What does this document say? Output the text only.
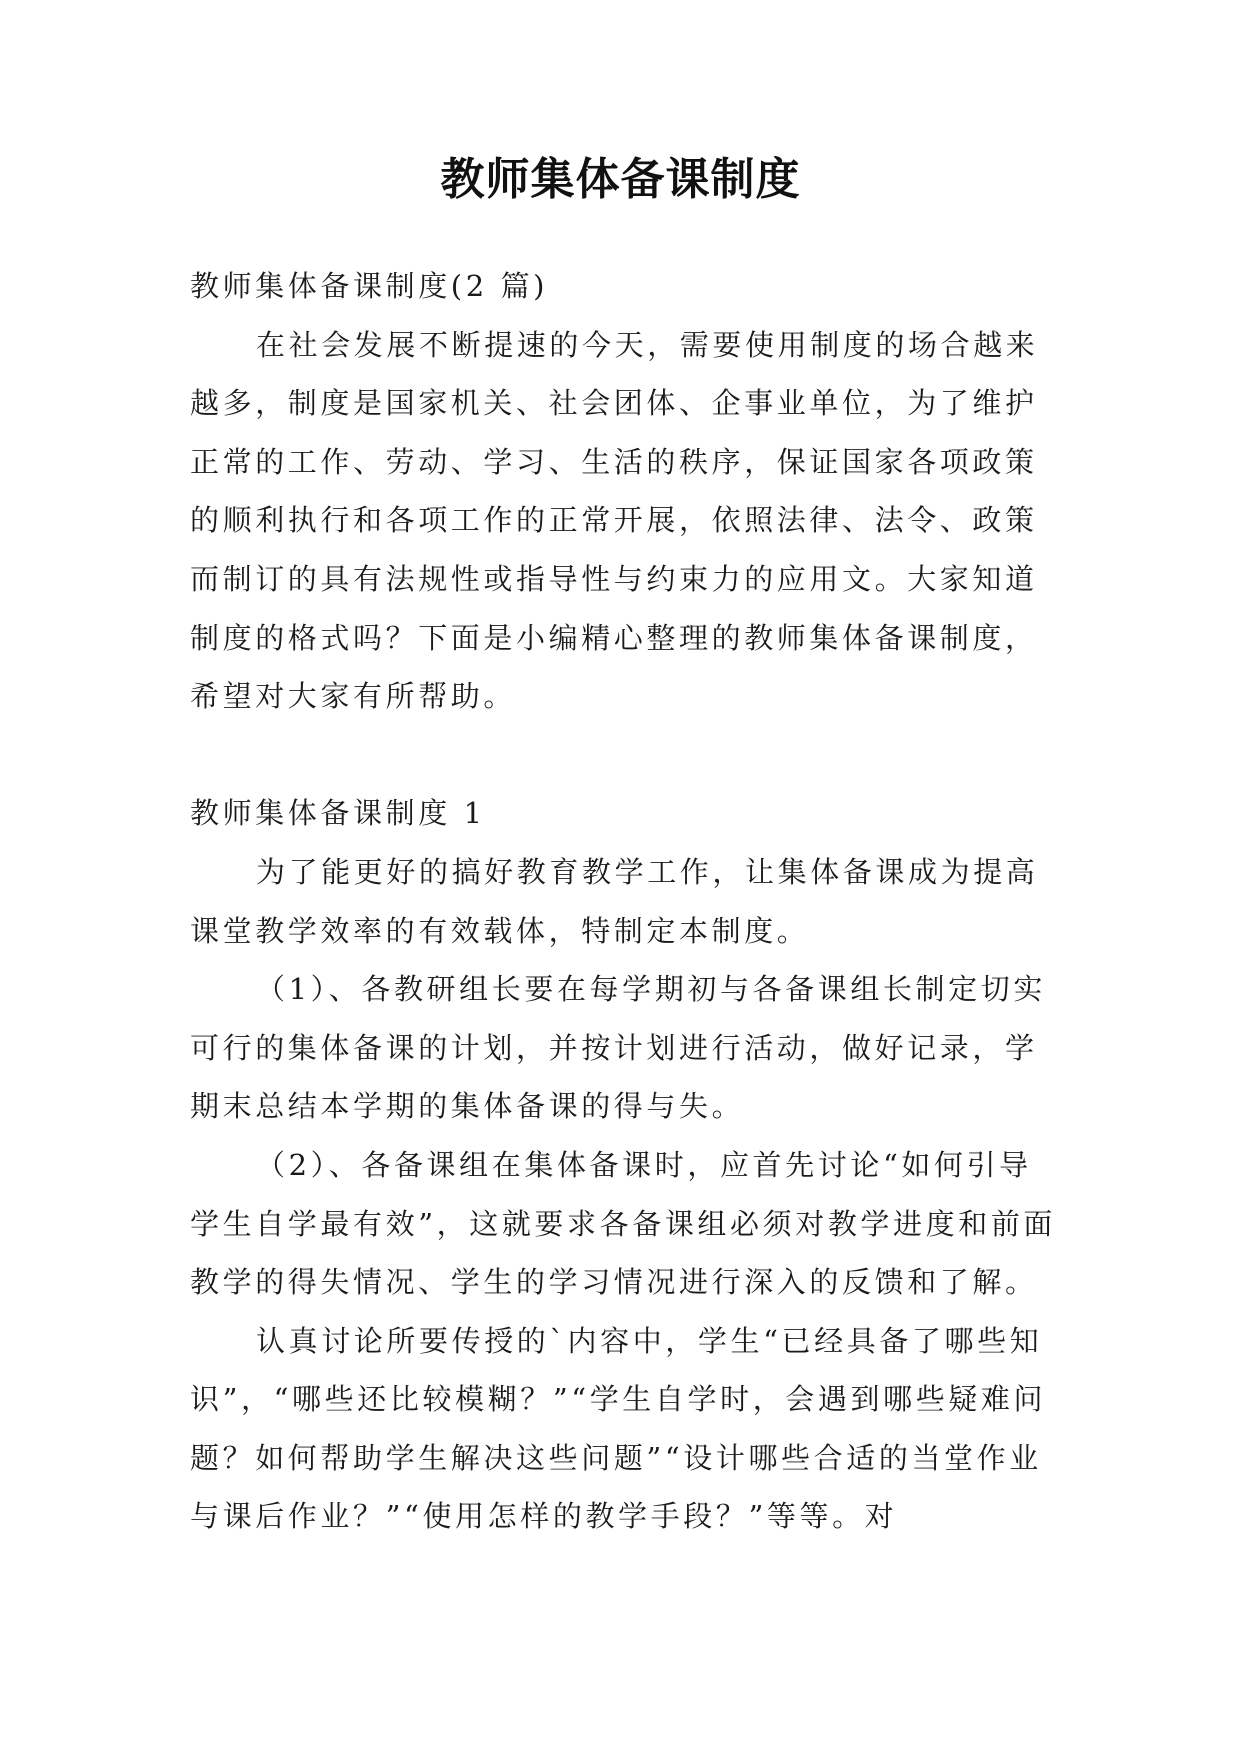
教师集体备课制度

教师集体备课制度(2 篇)

在社会发展不断提速的今天，需要使用制度的场合越来越多，制度是国家机关、社会团体、企事业单位，为了维护正常的工作、劳动、学习、生活的秩序，保证国家各项政策的顺利执行和各项工作的正常开展，依照法律、法令、政策而制订的具有法规性或指导性与约束力的应用文。大家知道制度的格式吗？下面是小编精心整理的教师集体备课制度，希望对大家有所帮助。

教师集体备课制度 1

为了能更好的搞好教育教学工作，让集体备课成为提高课堂教学效率的有效载体，特制定本制度。

（1）、各教研组长要在每学期初与各备课组长制定切实可行的集体备课的计划，并按计划进行活动，做好记录，学期末总结本学期的集体备课的得与失。

（2）、各备课组在集体备课时，应首先讨论“如何引导学生自学最有效”，这就要求各备课组必须对教学进度和前面教学的得失情况、学生的学习情况进行深入的反馈和了解。

认真讨论所要传授的`内容中，学生“已经具备了哪些知识”，“哪些还比较模糊？”“学生自学时，会遇到哪些疑难问题？如何帮助学生解决这些问题”“设计哪些合适的当堂作业与课后作业？”“使用怎样的教学手段？”等等。对
